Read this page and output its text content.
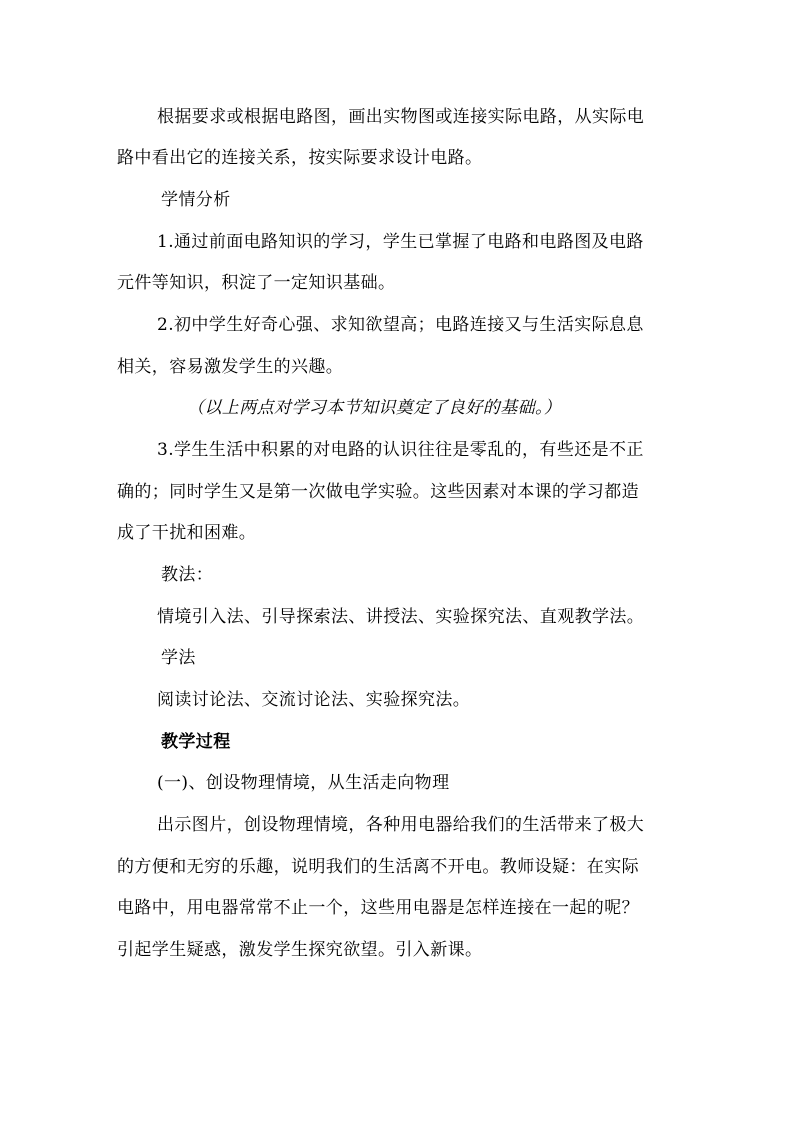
根据要求或根据电路图，画出实物图或连接实际电路，从实际电
路中看出它的连接关系，按实际要求设计电路。
学情分析
1.通过前面电路知识的学习，学生已掌握了电路和电路图及电路
元件等知识，积淀了一定知识基础。
2.初中学生好奇心强、求知欲望高；电路连接又与生活实际息息
相关，容易激发学生的兴趣。
（以上两点对学习本节知识奠定了良好的基础。）
3.学生生活中积累的对电路的认识往往是零乱的，有些还是不正
确的；同时学生又是第一次做电学实验。这些因素对本课的学习都造
成了干扰和困难。
教法：
情境引入法、引导探索法、讲授法、实验探究法、直观教学法。
学法
阅读讨论法、交流讨论法、实验探究法。
教学过程
(一)、创设物理情境，从生活走向物理
出示图片，创设物理情境，各种用电器给我们的生活带来了极大
的方便和无穷的乐趣，说明我们的生活离不开电。教师设疑：在实际
电路中，用电器常常不止一个，这些用电器是怎样连接在一起的呢？
引起学生疑惑，激发学生探究欲望。引入新课。
